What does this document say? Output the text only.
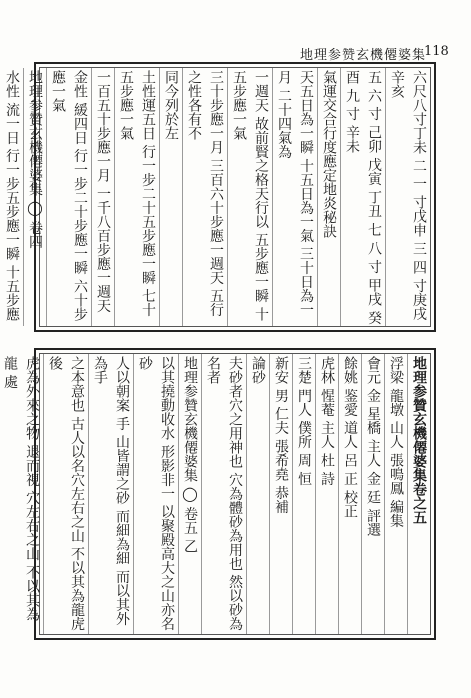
地理参赞玄機僊婆集
118
六尺八寸丁未 二 一 寸戊申 三 四 寸庚戌 辛亥
五 六 寸 己卯 戊寅 丁丑 七 八 寸 甲戌 癸酉 九 寸 辛未
氣運交合行度應定地炎秘訣
天五日為一瞬 十五日為一氣 三十日為一月 二十四氣為
一週天 故前賢之格天行以 五步應一瞬 十五步應一氣
三十步應一月 三百六十步應一週天 五行之性各有不
同今列於左
土性運五日 行一步二十五步應一瞬 七十五步應一氣
一百五十步應一月 一千八百步應一週天
金性 緩四日 行一步二十步應一瞬 六十步應一氣
地理参贊玄機僊婆集 ◯ 卷四
水性 流一日 行一步五步應一瞬 十五步應
地理参贊玄機僊婆集卷之五
浮梁 龍墩 山人 張鳴鳳 編集
會元 金 星橋 主人 金 廷 評選
餘姚 鉴愛 道人 呂 正 校正
虎林 惺菴 主人 杜 詩
三楚 門人 僕所 周 恒
新安 男 仁夫 張希堯 恭補
論砂
夫砂者穴之用神也 穴為體砂為用也 然以砂為名者
地理参贊玄機僊婆集 ◯ 卷五 乙
以其撓動收水 形影非一 以聚殿高大之山亦名砂
人以朝案 手 山皆謂之砂 而細為細 而以其外 為手
之本意也 古人以名穴左右之山 不以其為龍虎後
虎為外來之物 退而視 穴左右之山 不以其為龍 處
